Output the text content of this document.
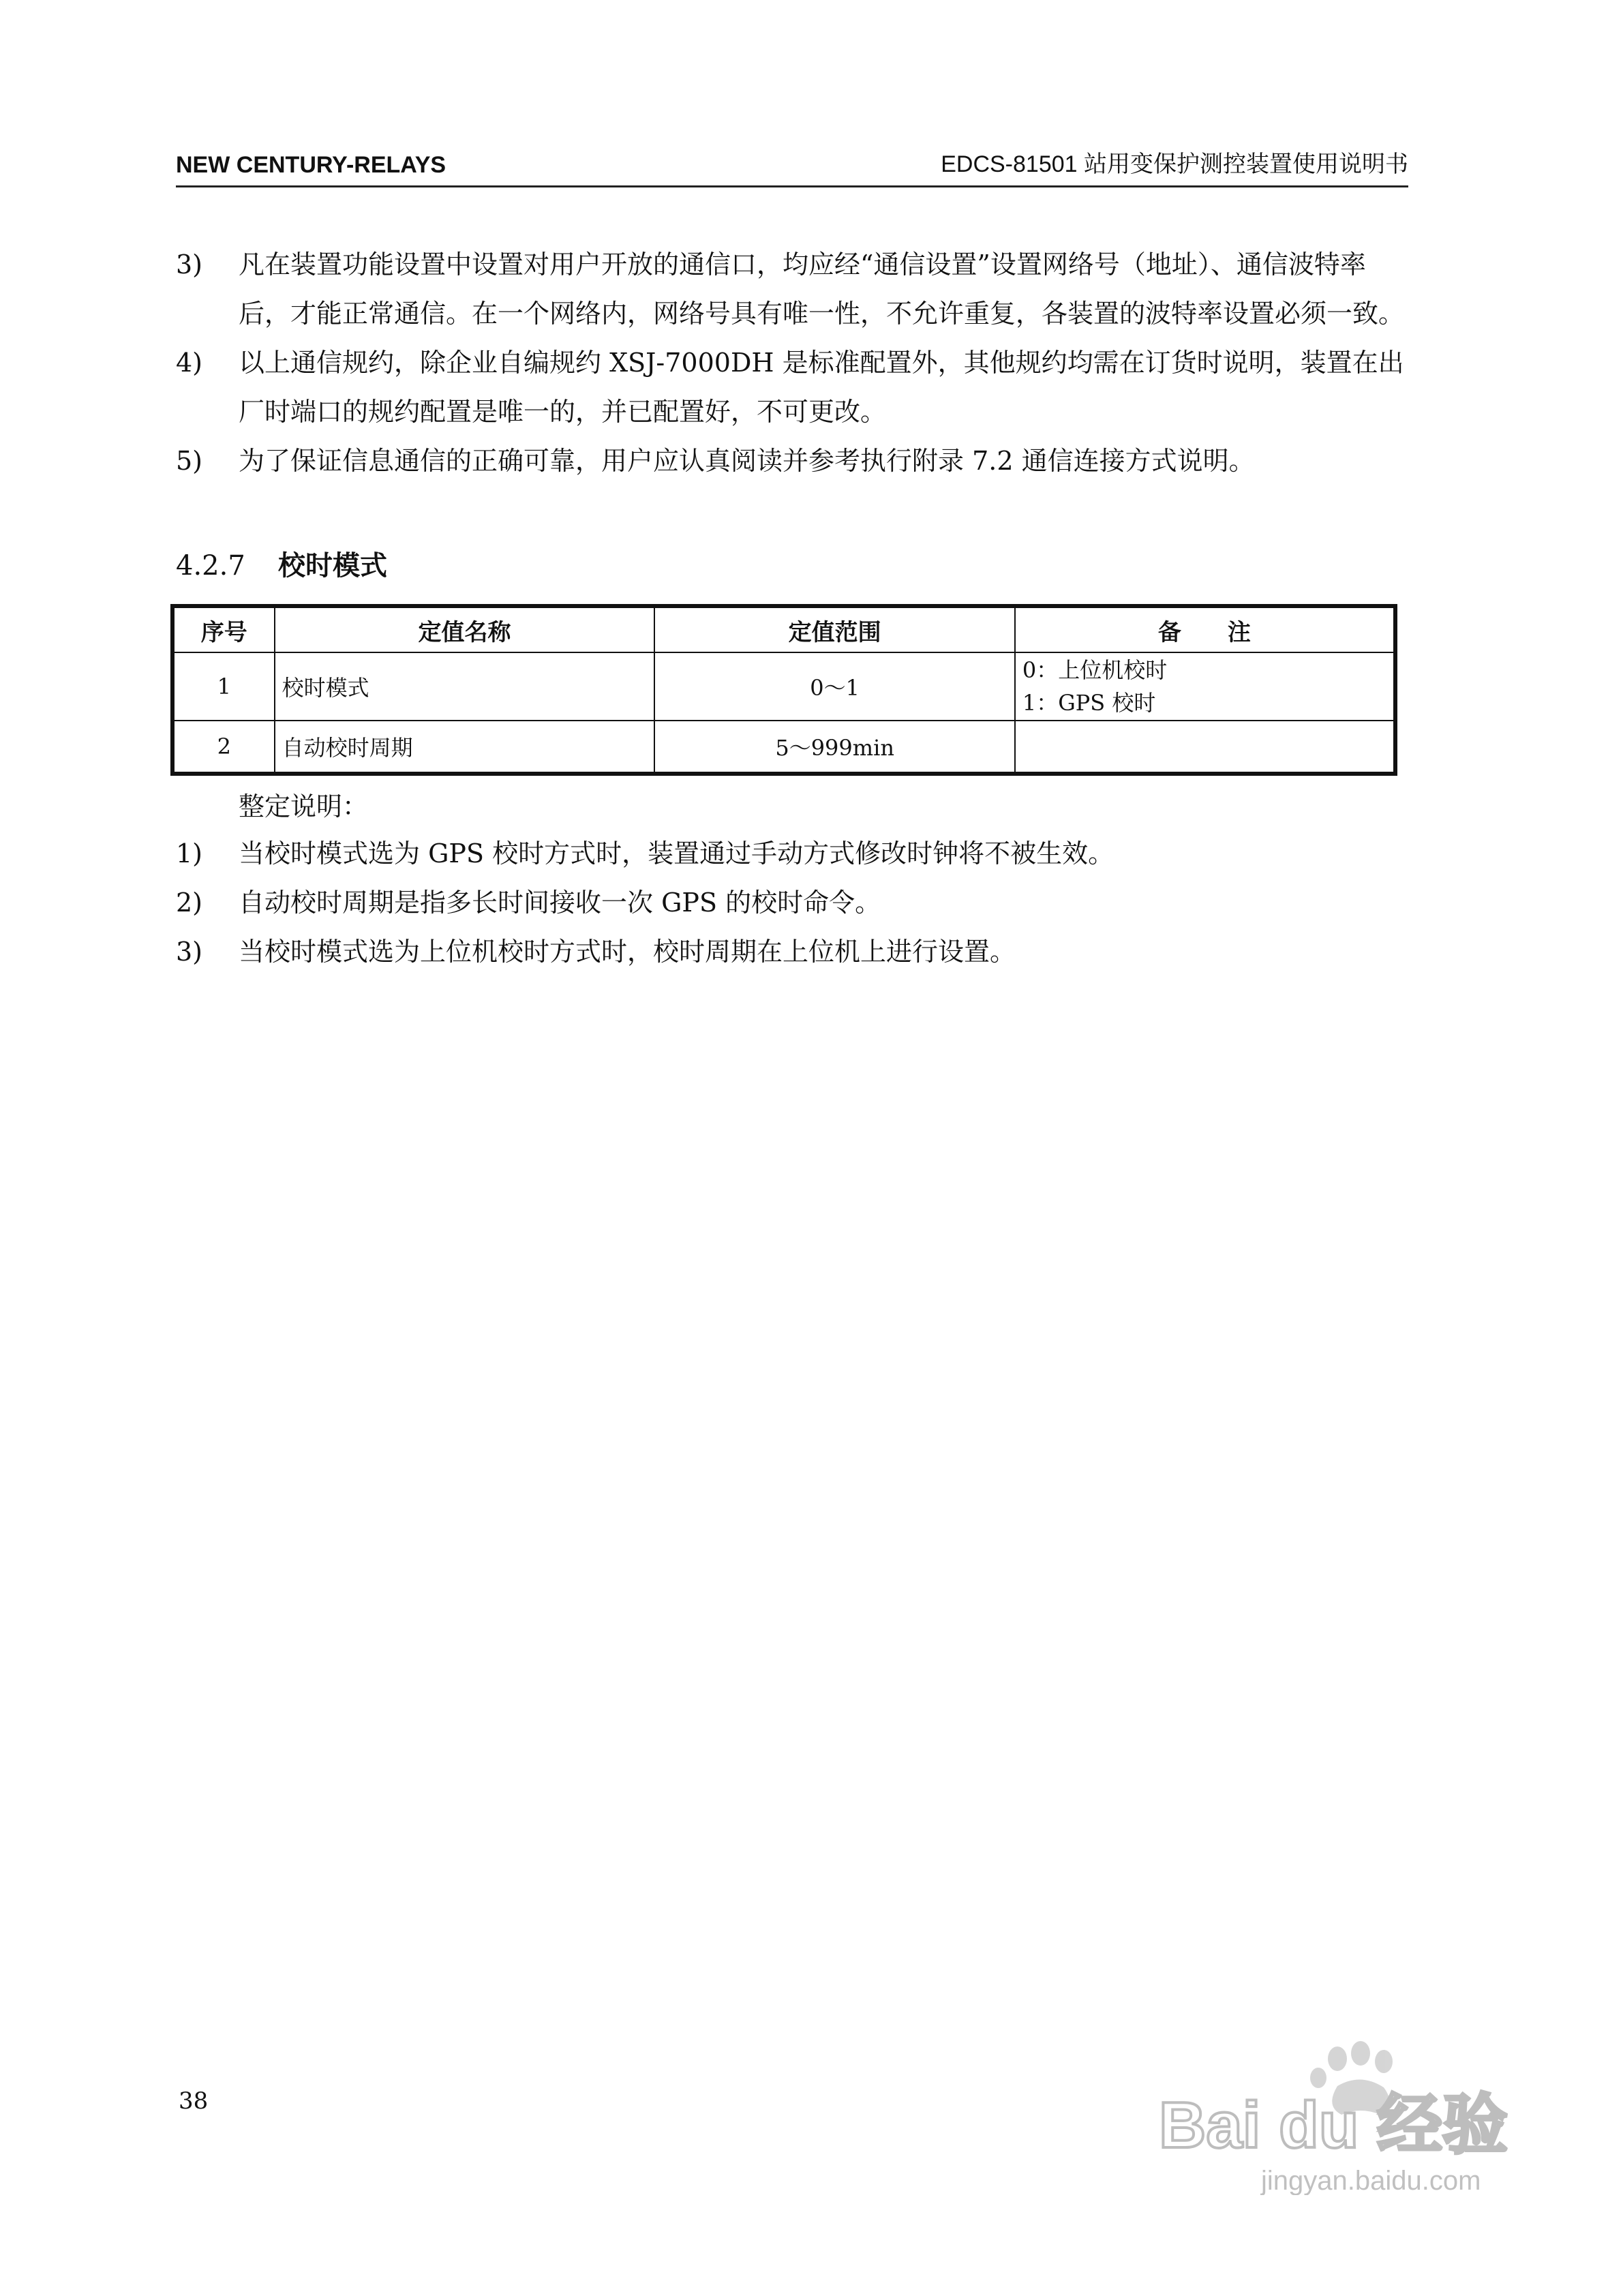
NEW CENTURY-RELAYS	EDCS-81501 站用变保护测控装置使用说明书
3) 凡在装置功能设置中设置对用户开放的通信口，均应经“通信设置”设置网络号（地址）、通信波特率后，才能正常通信。在一个网络内，网络号具有唯一性，不允许重复，各装置的波特率设置必须一致。
4) 以上通信规约，除企业自编规约 XSJ-7000DH 是标准配置外，其他规约均需在订货时说明，装置在出厂时端口的规约配置是唯一的，并已配置好，不可更改。
5) 为了保证信息通信的正确可靠，用户应认真阅读并参考执行附录 7.2 通信连接方式说明。
4.2.7 校时模式
序号	定值名称	定值范围	备　　注
1	校时模式	0～1	0：上位机校时
1：GPS 校时

2	自动校时周期	5～999min	
整定说明：
1) 当校时模式选为 GPS 校时方式时，装置通过手动方式修改时钟将不被生效。
2) 自动校时周期是指多长时间接收一次 GPS 的校时命令。
3) 当校时模式选为上位机校时方式时，校时周期在上位机上进行设置。
38	Bai du 经验
jingyan.baidu.com
